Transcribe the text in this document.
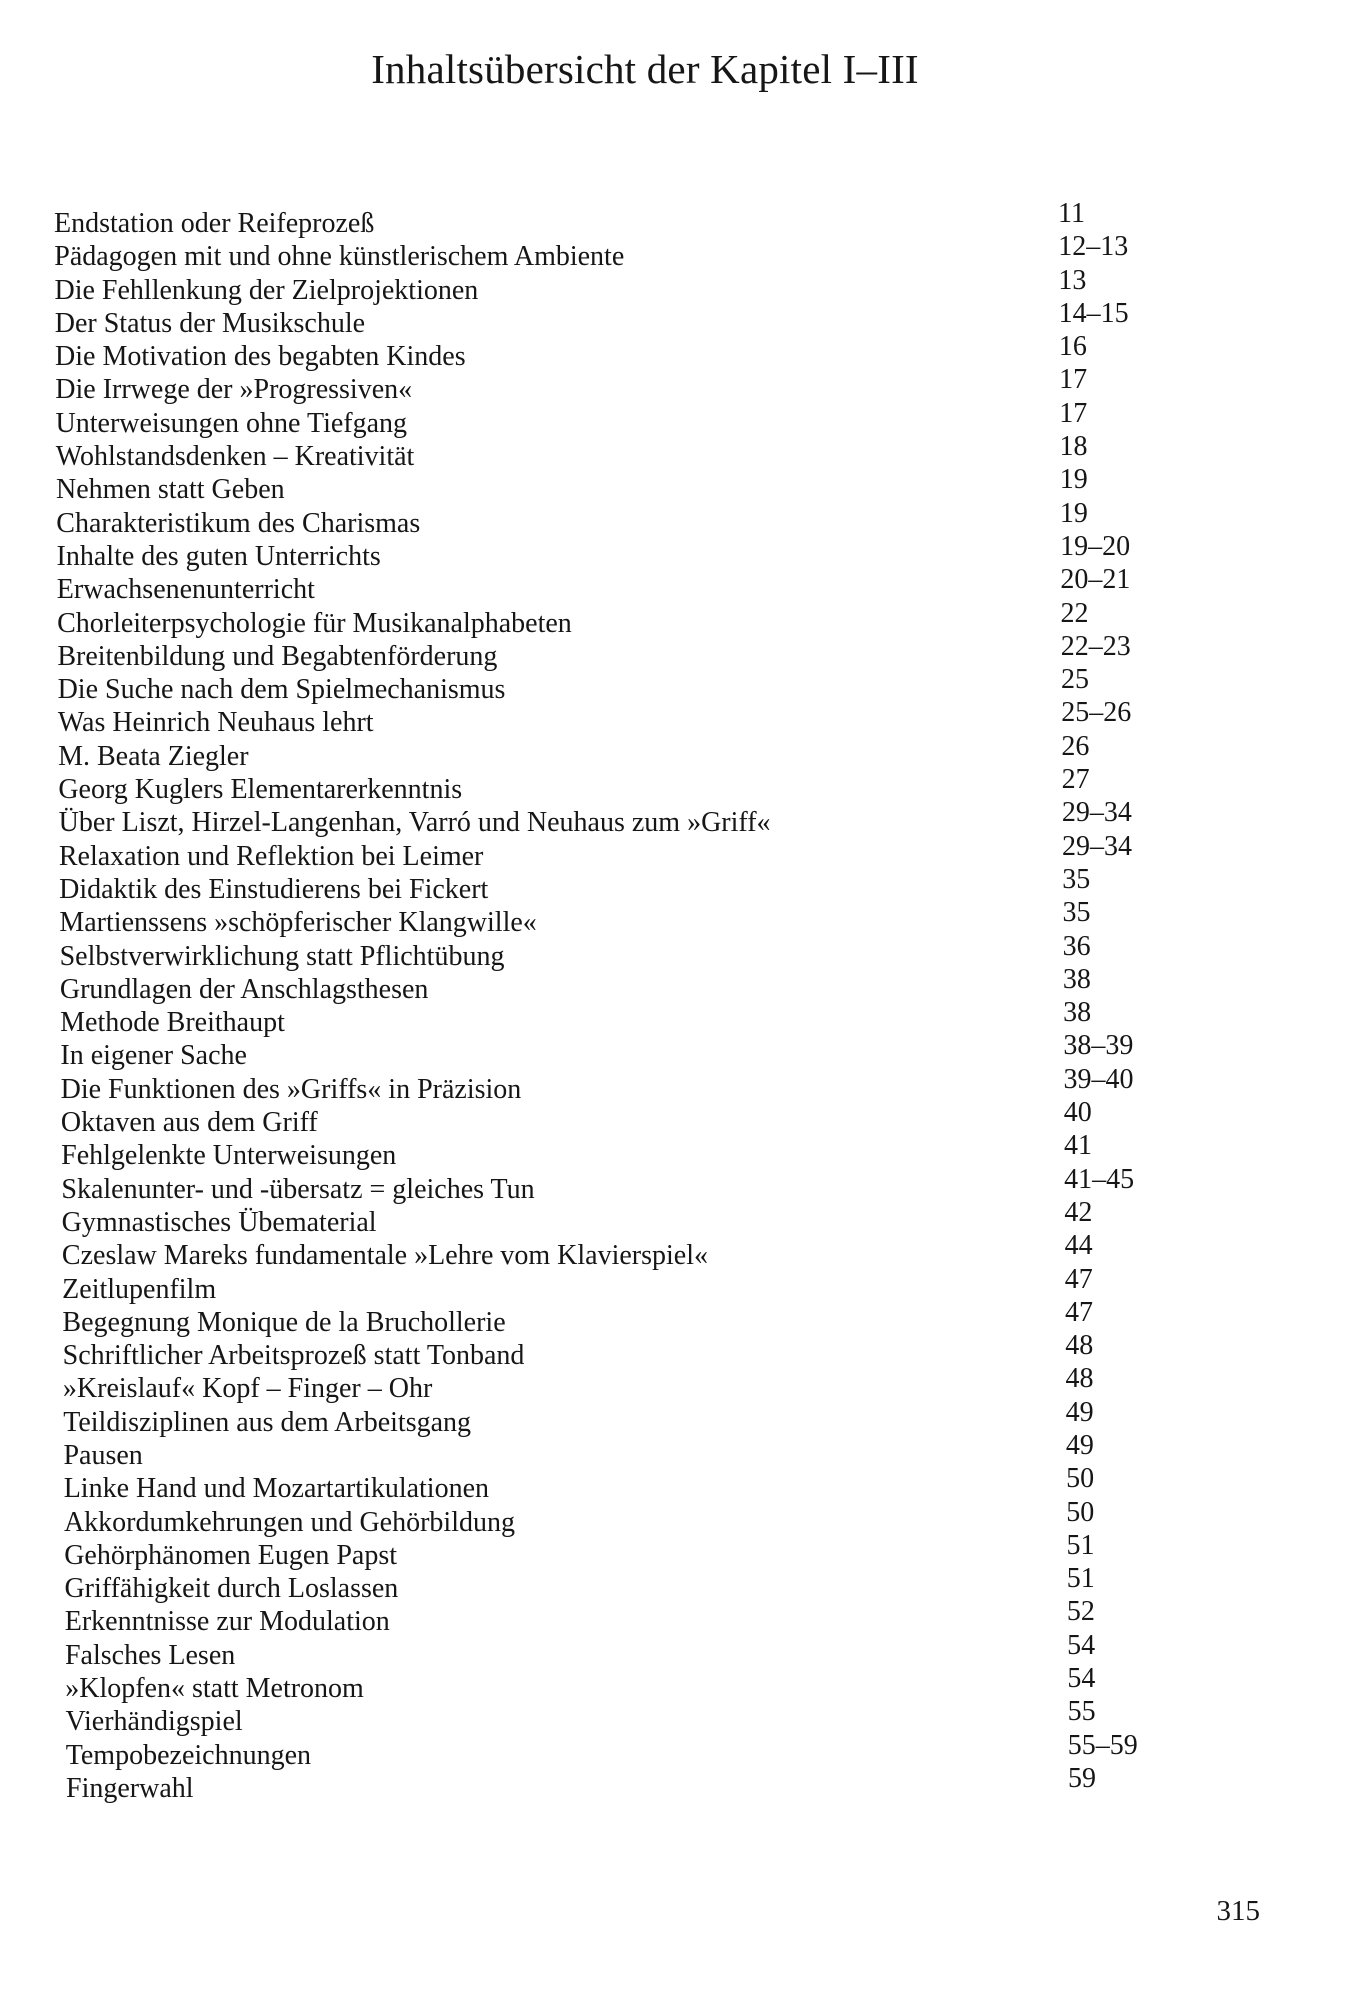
Inhaltsübersicht der Kapitel I–III
Endstation oder Reifeprozeß	11
Pädagogen mit und ohne künstlerischem Ambiente	12–13
Die Fehllenkung der Zielprojektionen	13
Der Status der Musikschule	14–15
Die Motivation des begabten Kindes	16
Die Irrwege der »Progressiven«	17
Unterweisungen ohne Tiefgang	17
Wohlstandsdenken – Kreativität	18
Nehmen statt Geben	19
Charakteristikum des Charismas	19
Inhalte des guten Unterrichts	19–20
Erwachsenenunterricht	20–21
Chorleiterpsychologie für Musikanalphabeten	22
Breitenbildung und Begabtenförderung	22–23
Die Suche nach dem Spielmechanismus	25
Was Heinrich Neuhaus lehrt	25–26
M. Beata Ziegler	26
Georg Kuglers Elementarerkenntnis	27
Über Liszt, Hirzel-Langenhan, Varró und Neuhaus zum »Griff«	29–34
Relaxation und Reflektion bei Leimer	29–34
Didaktik des Einstudierens bei Fickert	35
Martienssens »schöpferischer Klangwille«	35
Selbstverwirklichung statt Pflichtübung	36
Grundlagen der Anschlagsthesen	38
Methode Breithaupt	38
In eigener Sache	38–39
Die Funktionen des »Griffs« in Präzision	39–40
Oktaven aus dem Griff	40
Fehlgelenkte Unterweisungen	41
Skalenunter- und -übersatz = gleiches Tun	41–45
Gymnastisches Übematerial	42
Czeslaw Mareks fundamentale »Lehre vom Klavierspiel«	44
Zeitlupenfilm	47
Begegnung Monique de la Bruchollerie	47
Schriftlicher Arbeitsprozeß statt Tonband	48
»Kreislauf« Kopf – Finger – Ohr	48
Teildisziplinen aus dem Arbeitsgang	49
Pausen	49
Linke Hand und Mozartartikulationen	50
Akkordumkehrungen und Gehörbildung	50
Gehörphänomen Eugen Papst	51
Griffähigkeit durch Loslassen	51
Erkenntnisse zur Modulation	52
Falsches Lesen	54
»Klopfen« statt Metronom	54
Vierhändigspiel	55
Tempobezeichnungen	55–59
Fingerwahl	59
315
